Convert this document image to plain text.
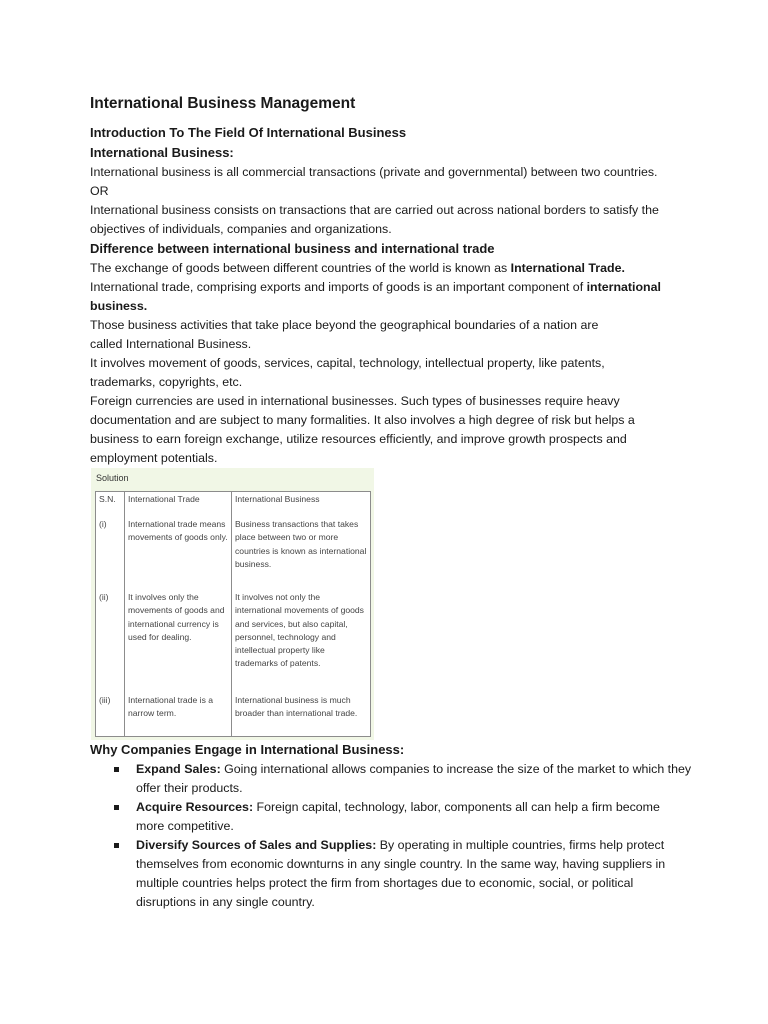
International Business Management

Introduction To The Field Of International Business

International Business:

International business is all commercial transactions (private and governmental) between two countries.

OR

International business consists on transactions that are carried out across national borders to satisfy the objectives of individuals, companies and organizations.

Difference between international business and international trade

The exchange of goods between different countries of the world is known as International Trade.

International trade, comprising exports and imports of goods is an important component of international business.

Those business activities that take place beyond the geographical boundaries of a nation are called International Business.

It involves movement of goods, services, capital, technology, intellectual property, like patents, trademarks, copyrights, etc.

Foreign currencies are used in international businesses. Such types of businesses require heavy documentation and are subject to many formalities. It also involves a high degree of risk but helps a business to earn foreign exchange, utilize resources efficiently, and improve growth prospects and employment potentials.

Solution
S.N.	International Trade	International Business
(i)	International trade means movements of goods only.	Business transactions that takes place between two or more countries is known as international business.
(ii)	It involves only the movements of goods and international currency is used for dealing.	It involves not only the international movements of goods and services, but also capital, personnel, technology and intellectual property like trademarks of patents.
(iii)	International trade is a narrow term.	International business is much broader than international trade.

Why Companies Engage in International Business:

Expand Sales: Going international allows companies to increase the size of the market to which they offer their products.
Acquire Resources: Foreign capital, technology, labor, components all can help a firm become more competitive.
Diversify Sources of Sales and Supplies: By operating in multiple countries, firms help protect themselves from economic downturns in any single country. In the same way, having suppliers in multiple countries helps protect the firm from shortages due to economic, social, or political disruptions in any single country.
